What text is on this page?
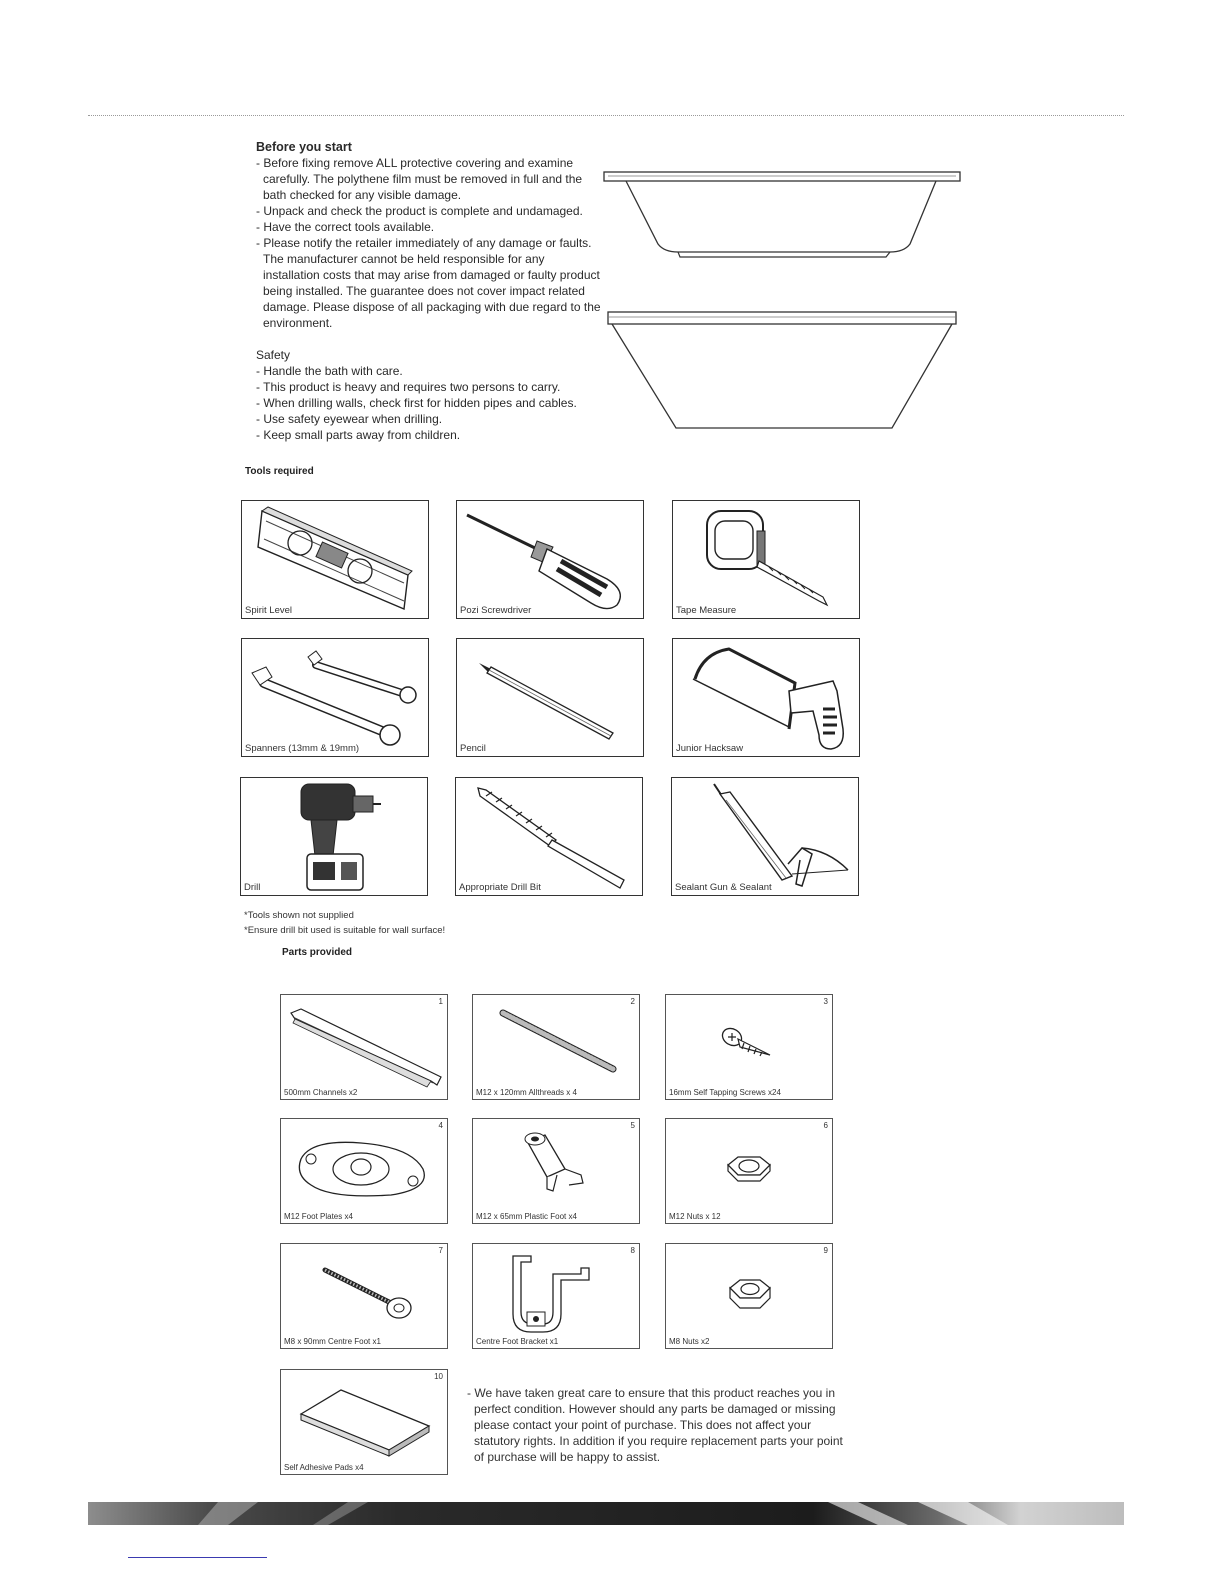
Before you start
- Before fixing remove ALL protective covering and examine carefully. The polythene film must be removed in full and the bath checked for any visible damage.
- Unpack and check the product is complete and undamaged.
- Have the correct tools available.
- Please notify the retailer immediately of any damage or faults. The manufacturer cannot be held responsible for any installation costs that may arise from damaged or faulty product being installed. The guarantee does not cover impact related damage. Please dispose of all packaging with due regard to the environment.
Safety
- Handle the bath with care.
- This product is heavy and requires two persons to carry.
- When drilling walls, check first for hidden pipes and cables.
- Use safety eyewear when drilling.
- Keep small parts away from children.
Tools required
Spirit Level	Pozi Screwdriver	Tape Measure
Spanners (13mm & 19mm)	Pencil	Junior Hacksaw
Drill	Appropriate Drill Bit	Sealant Gun & Sealant
*Tools shown not supplied
*Ensure drill bit used is suitable for wall surface!
Parts provided
1
500mm Channels x2
2
M12 x 120mm Allthreads x 4
3
16mm Self Tapping Screws x24
4
M12 Foot Plates x4
5
M12 x 65mm Plastic Foot x4
6
M12 Nuts x 12
7
M8 x 90mm Centre Foot x1
8
Centre Foot Bracket x1
9
M8 Nuts x2
10
Self Adhesive Pads x4
- We have taken great care to ensure that this product reaches you in perfect condition. However should any parts be damaged or missing please contact your point of purchase. This does not affect your statutory rights. In addition if you require replacement parts your point of purchase will be happy to assist.
